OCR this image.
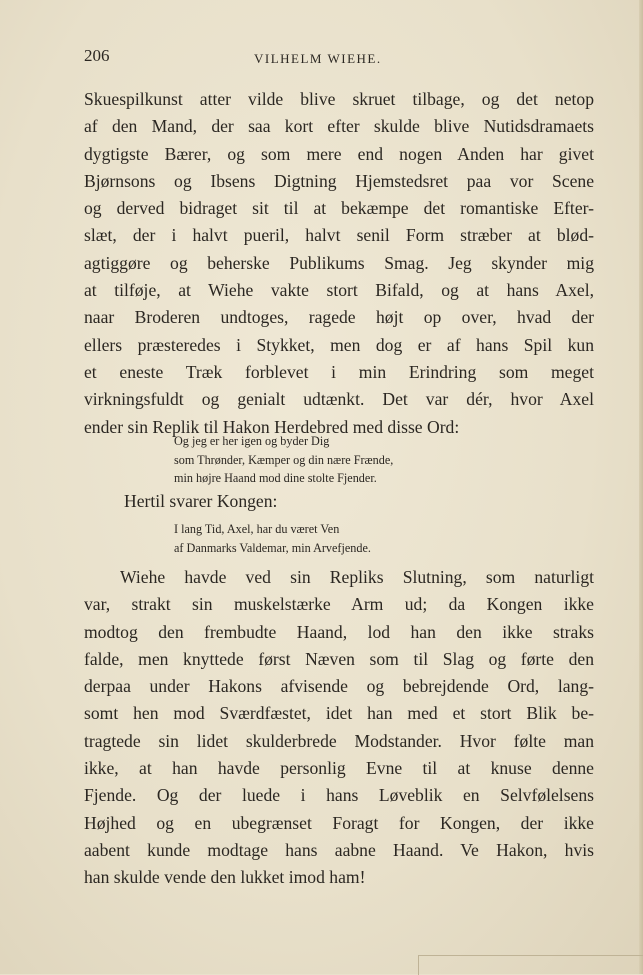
206	VILHELM WIEHE.
Skuespilkunst atter vilde blive skruet tilbage, og det netop
af den Mand, der saa kort efter skulde blive Nutidsdramaets
dygtigste Bærer, og som mere end nogen Anden har givet
Bjørnsons og Ibsens Digtning Hjemstedsret paa vor Scene
og derved bidraget sit til at bekæmpe det romantiske Efter-
slæt, der i halvt pueril, halvt senil Form stræber at blød-
agtiggøre og beherske Publikums Smag. Jeg skynder mig
at tilføje, at Wiehe vakte stort Bifald, og at hans Axel,
naar Broderen undtoges, ragede højt op over, hvad der
ellers præsteredes i Stykket, men dog er af hans Spil kun
et eneste Træk forblevet i min Erindring som meget
virkningsfuldt og genialt udtænkt. Det var dér, hvor Axel
ender sin Replik til Hakon Herdebred med disse Ord:
Og jeg er her igen og byder Dig
som Thrønder, Kæmper og din nære Frænde,
min højre Haand mod dine stolte Fjender.
Hertil svarer Kongen:
I lang Tid, Axel, har du været Ven
af Danmarks Valdemar, min Arvefjende.
Wiehe havde ved sin Repliks Slutning, som naturligt
var, strakt sin muskelstærke Arm ud; da Kongen ikke
modtog den frembudte Haand, lod han den ikke straks
falde, men knyttede først Næven som til Slag og førte den
derpaa under Hakons afvisende og bebrejdende Ord, lang-
somt hen mod Sværdfæstet, idet han med et stort Blik be-
tragtede sin lidet skulderbrede Modstander. Hvor følte man
ikke, at han havde personlig Evne til at knuse denne
Fjende. Og der luede i hans Løveblik en Selvfølelsens
Højhed og en ubegrænset Foragt for Kongen, der ikke
aabent kunde modtage hans aabne Haand. Ve Hakon, hvis
han skulde vende den lukket imod ham!
